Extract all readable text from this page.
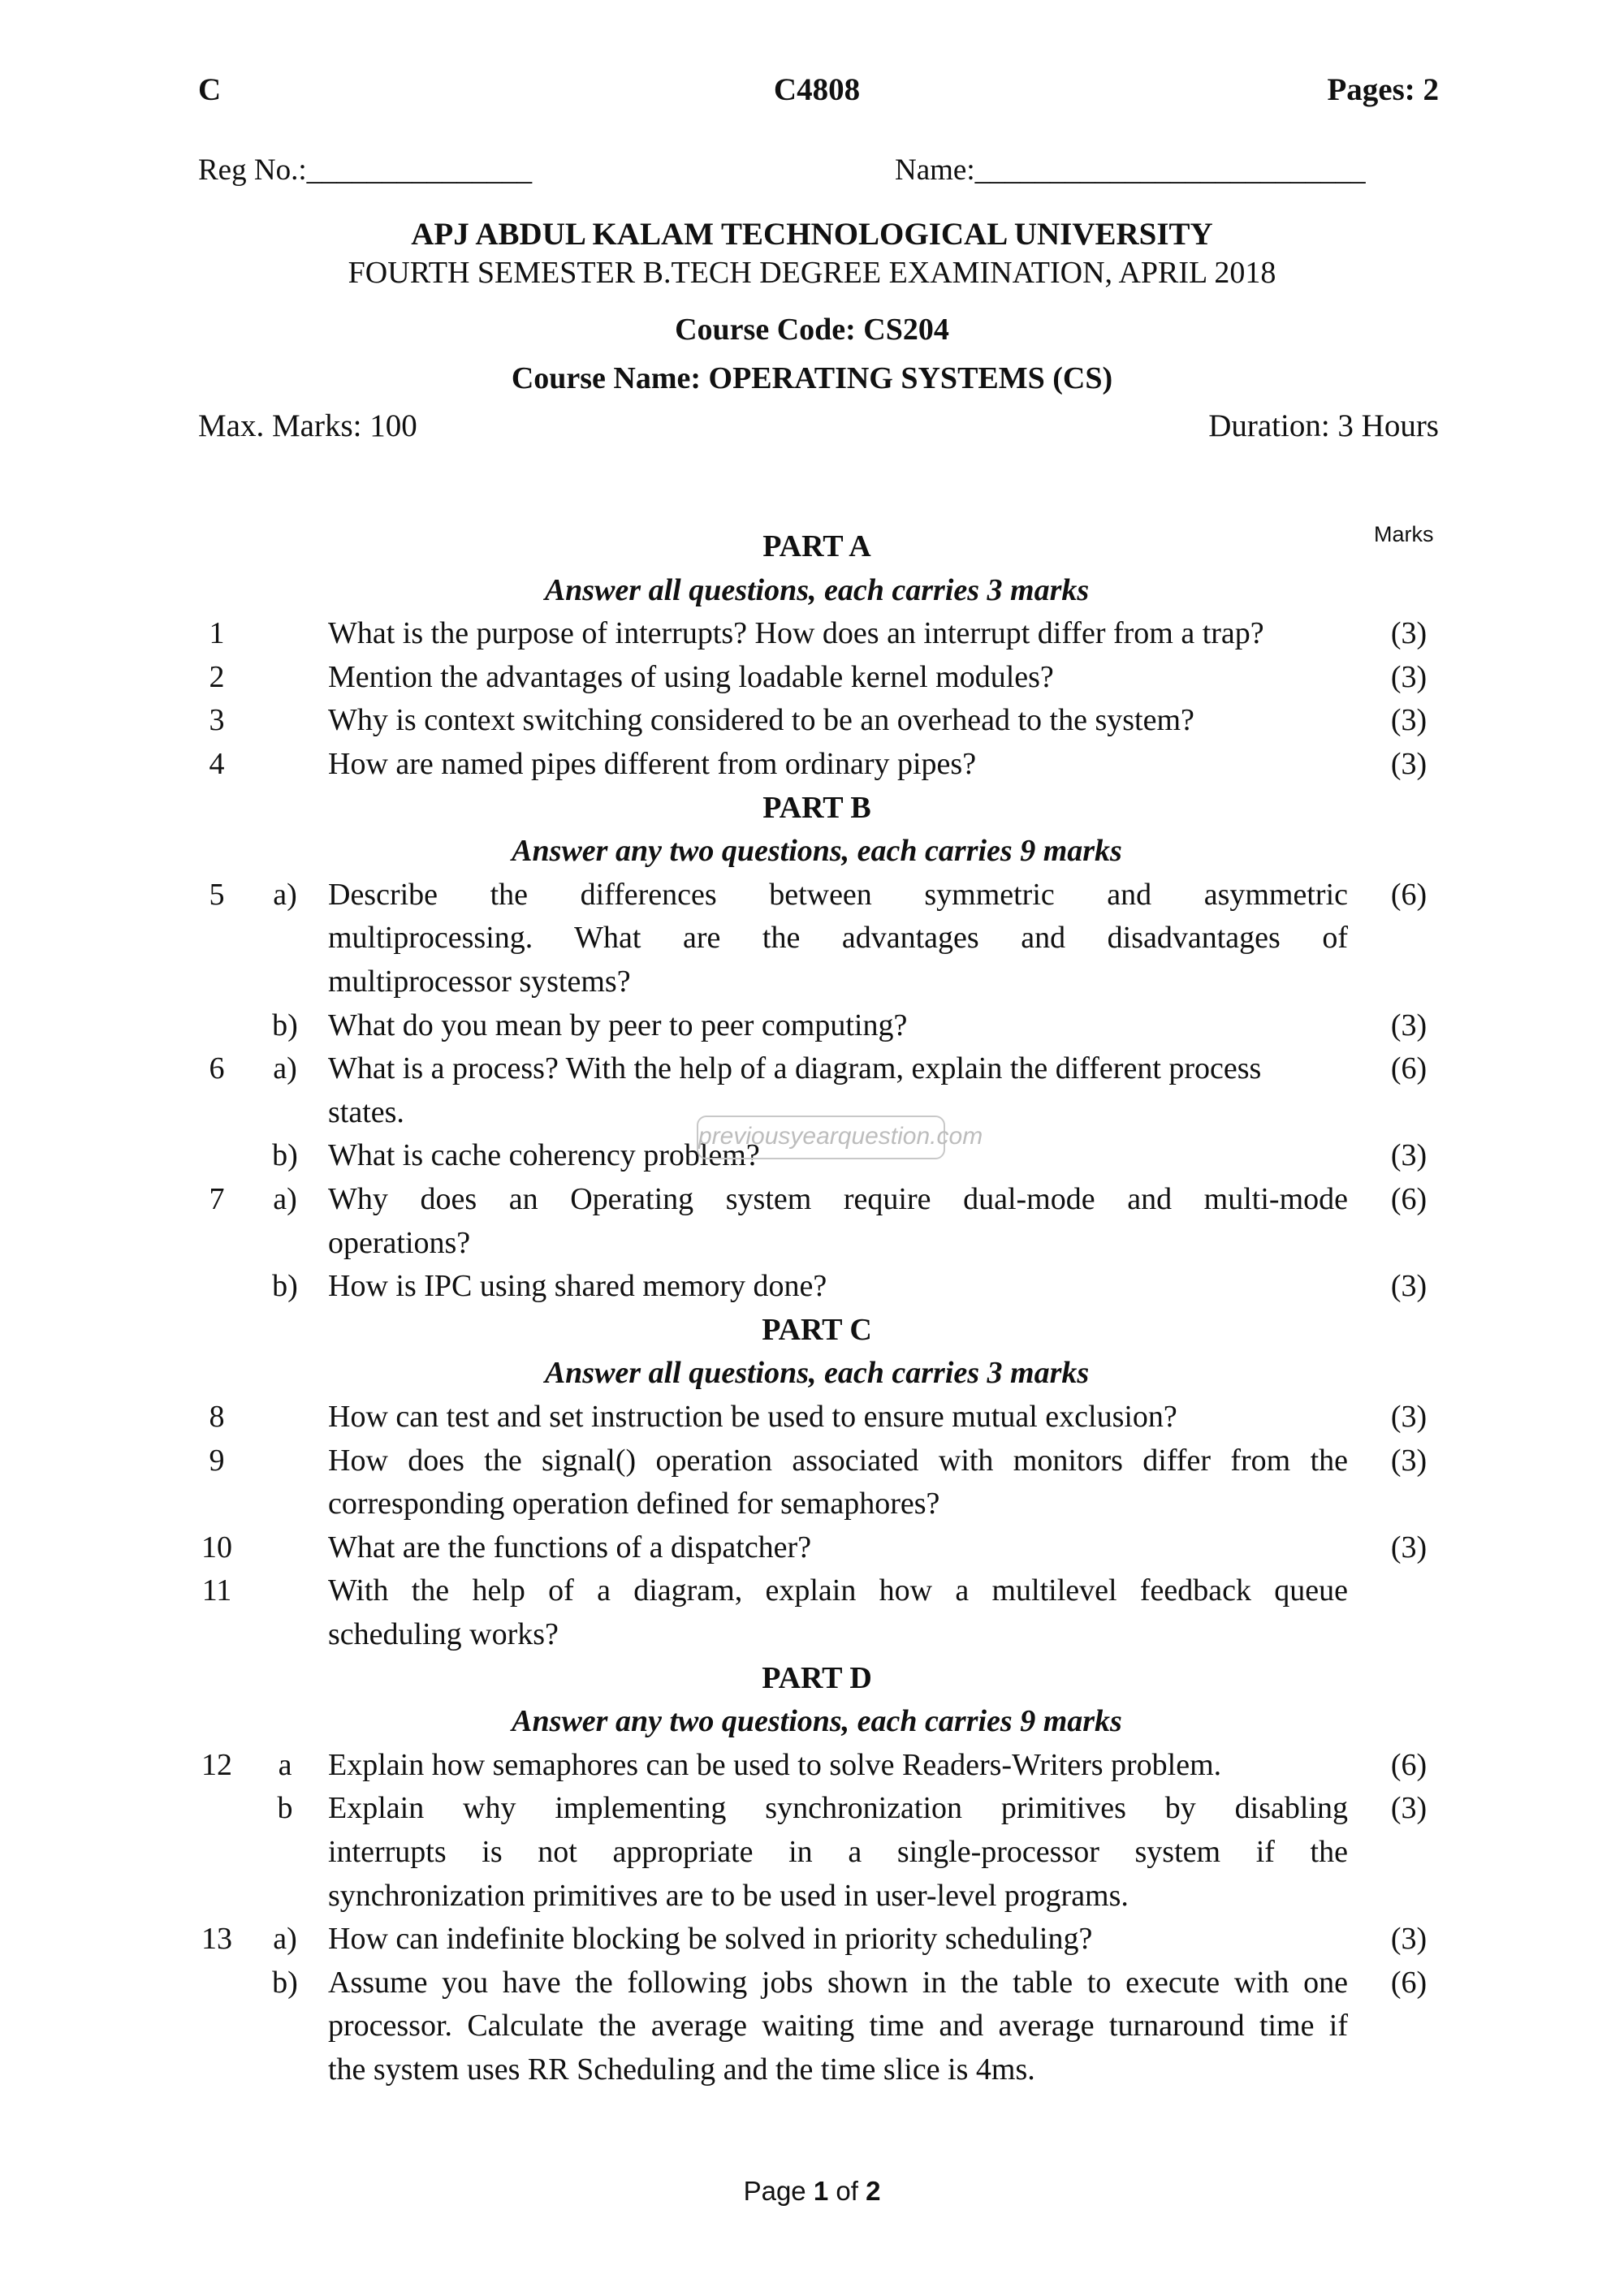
C	C4808	Pages: 2
Reg No.:_______________	Name:__________________________
APJ ABDUL KALAM TECHNOLOGICAL UNIVERSITY
FOURTH SEMESTER B.TECH DEGREE EXAMINATION, APRIL 2018
Course Code: CS204
Course Name: OPERATING SYSTEMS (CS)
Max. Marks: 100	Duration: 3 Hours
Marks
PART A
Answer all questions, each carries 3 marks
1	What is the purpose of interrupts? How does an interrupt differ from a trap?	(3)
2	Mention the advantages of using loadable kernel modules?	(3)
3	Why is context switching considered to be an overhead to the system?	(3)
4	How are named pipes different from ordinary pipes?	(3)
PART B
Answer any two questions, each carries 9 marks
5	a) Describe the differences between symmetric and asymmetric	(6)
multiprocessing. What are the advantages and disadvantages of
multiprocessor systems?
b) What do you mean by peer to peer computing?	(3)
6	a) What is a process? With the help of a diagram, explain the different process	(6)
states.
b) What is cache coherency problem?	(3)
7	a) Why does an Operating system require dual-mode and multi-mode	(6)
operations?
b) How is IPC using shared memory done?	(3)
PART C
Answer all questions, each carries 3 marks
8	How can test and set instruction be used to ensure mutual exclusion?	(3)
9	How does the signal() operation associated with monitors differ from the	(3)
corresponding operation defined for semaphores?
10	What are the functions of a dispatcher?	(3)
11	With the help of a diagram, explain how a multilevel feedback queue
scheduling works?
PART D
Answer any two questions, each carries 9 marks
12	a	Explain how semaphores can be used to solve Readers-Writers problem.	(6)
b	Explain why implementing synchronization primitives by disabling	(3)
interrupts is not appropriate in a single-processor system if the
synchronization primitives are to be used in user-level programs.
13	a) How can indefinite blocking be solved in priority scheduling?	(3)
b) Assume you have the following jobs shown in the table to execute with one	(6)
processor. Calculate the average waiting time and average turnaround time if
the system uses RR Scheduling and the time slice is 4ms.
previousyearquestion.com
Page 1 of 2
